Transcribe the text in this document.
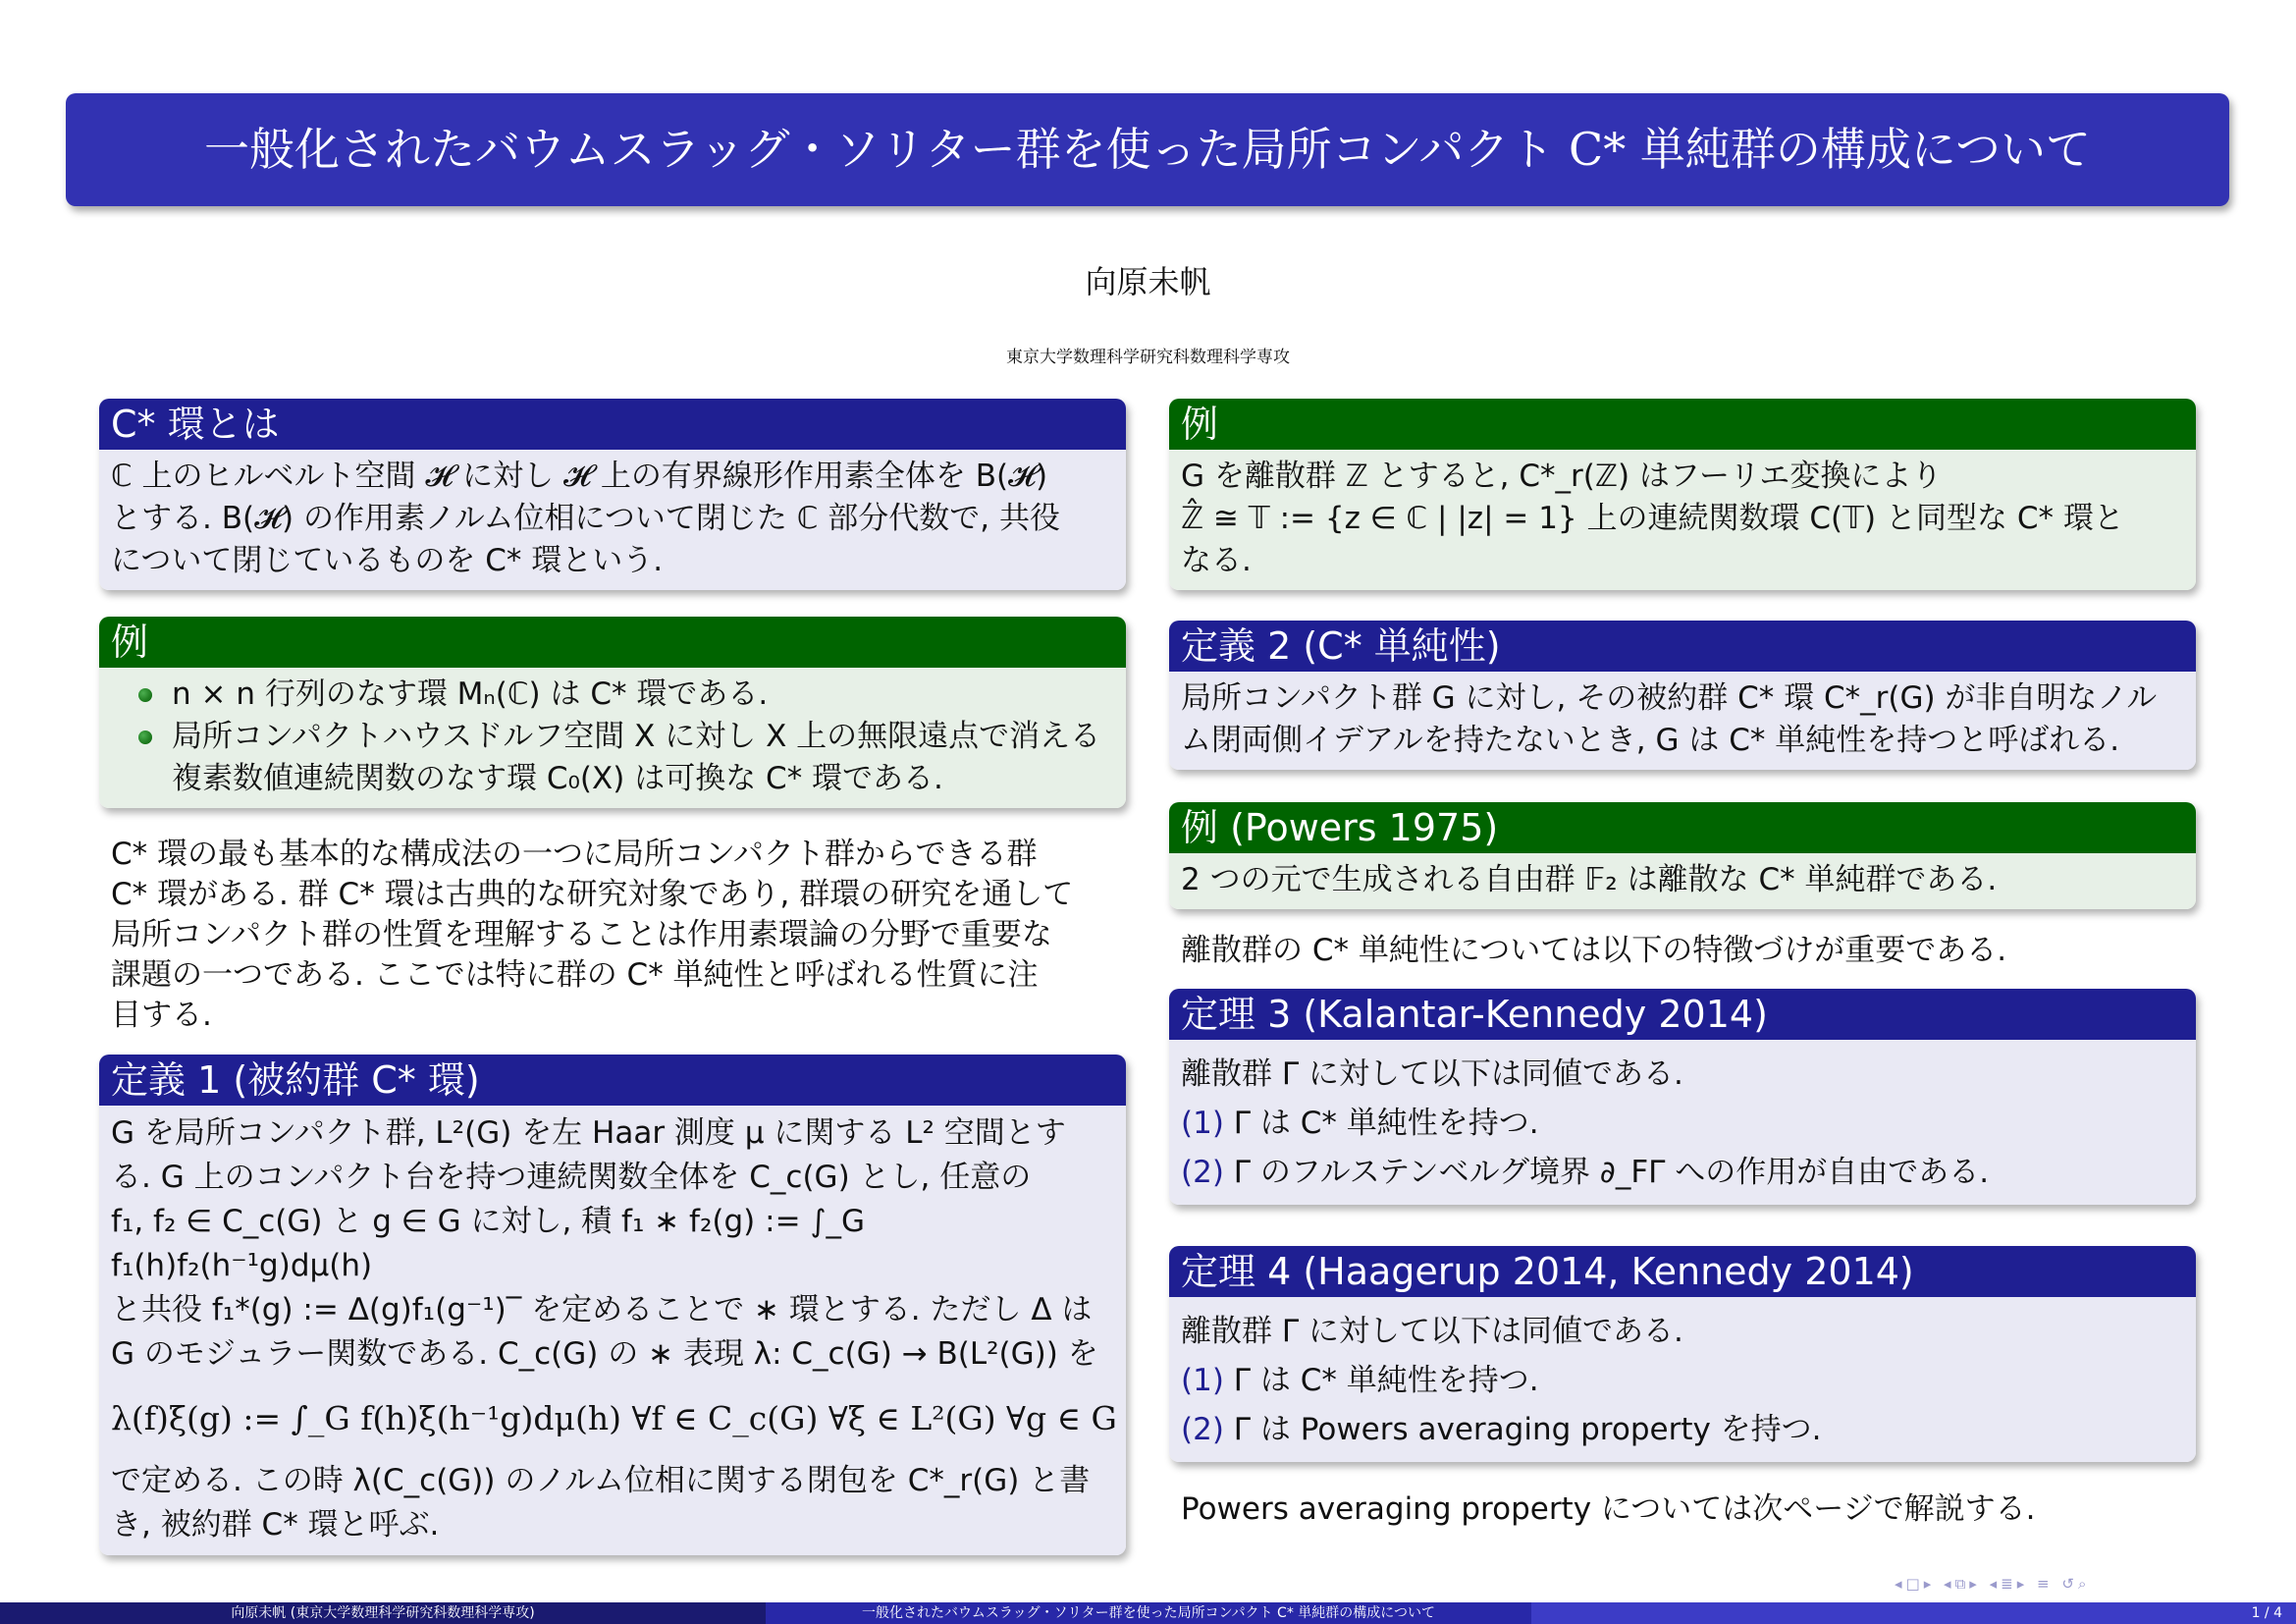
一般化されたバウムスラッグ・ソリター群を使った局所コンパクト C* 単純群の構成について
向原未帆
東京大学数理科学研究科数理科学専攻
C* 環とは
ℂ 上のヒルベルト空間 𝓗 に対し 𝓗 上の有界線形作用素全体を B(𝓗)
とする. B(𝓗) の作用素ノルム位相について閉じた ℂ 部分代数で, 共役
について閉じているものを C* 環という.
例
n × n 行列のなす環 Mₙ(ℂ) は C* 環である.
局所コンパクトハウスドルフ空間 X に対し X 上の無限遠点で消える複素数値連続関数のなす環 C₀(X) は可換な C* 環である.
C* 環の最も基本的な構成法の一つに局所コンパクト群からできる群
C* 環がある. 群 C* 環は古典的な研究対象であり, 群環の研究を通して
局所コンパクト群の性質を理解することは作用素環論の分野で重要な
課題の一つである. ここでは特に群の C* 単純性と呼ばれる性質に注
目する.
定義 1 (被約群 C* 環)
G を局所コンパクト群, L²(G) を左 Haar 測度 μ に関する L² 空間とす
る. G 上のコンパクト台を持つ連続関数全体を C_c(G) とし, 任意の
f₁, f₂ ∈ C_c(G) と g ∈ G に対し, 積 f₁ ∗ f₂(g) := ∫_G f₁(h)f₂(h⁻¹g)dμ(h)
と共役 f₁*(g) := Δ(g)f₁(g⁻¹)‾ を定めることで ∗ 環とする. ただし Δ は
G のモジュラー関数である. C_c(G) の ∗ 表現 λ: C_c(G) → B(L²(G)) を
λ(f)ξ(g) := ∫_G f(h)ξ(h⁻¹g)dμ(h) ∀f ∈ C_c(G) ∀ξ ∈ L²(G) ∀g ∈ G
で定める. この時 λ(C_c(G)) のノルム位相に関する閉包を C*_r(G) と書
き, 被約群 C* 環と呼ぶ.
例
G を離散群 ℤ とすると, C*_r(ℤ) はフーリエ変換により
ℤ̂ ≅ 𝕋 := {z ∈ ℂ | |z| = 1} 上の連続関数環 C(𝕋) と同型な C* 環と
なる.
定義 2 (C* 単純性)
局所コンパクト群 G に対し, その被約群 C* 環 C*_r(G) が非自明なノル
ム閉両側イデアルを持たないとき, G は C* 単純性を持つと呼ばれる.
例 (Powers 1975)
2 つの元で生成される自由群 𝔽₂ は離散な C* 単純群である.
離散群の C* 単純性については以下の特徴づけが重要である.
定理 3 (Kalantar-Kennedy 2014)
離散群 Γ に対して以下は同値である.
(1) Γ は C* 単純性を持つ.
(2) Γ のフルステンベルグ境界 ∂_FΓ への作用が自由である.
定理 4 (Haagerup 2014, Kennedy 2014)
離散群 Γ に対して以下は同値である.
(1) Γ は C* 単純性を持つ.
(2) Γ は Powers averaging property を持つ.
Powers averaging property については次ページで解説する.
◂□▸ ◂⧉▸ ◂≣▸ ≡ ↺⌕
向原未帆 (東京大学数理科学研究科数理科学専攻)	一般化されたバウムスラッグ・ソリター群を使った局所コンパクト C* 単純群の構成について	1 / 4
